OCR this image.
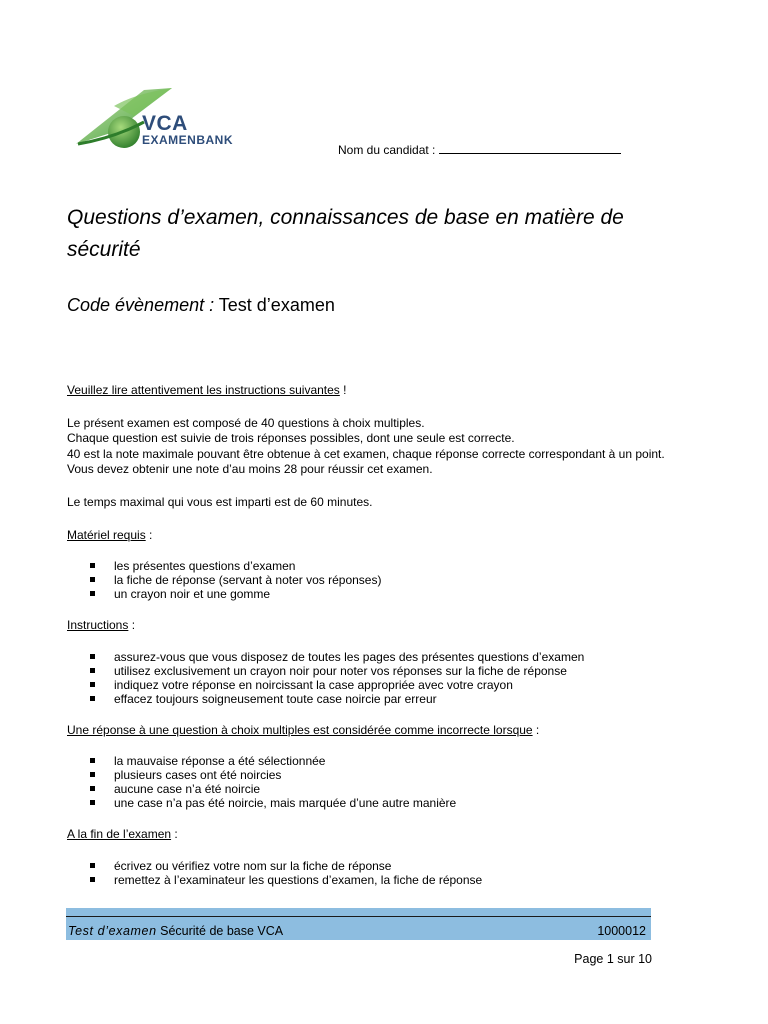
VCA
EXAMENBANK
Nom du candidat :
Questions d’examen, connaissances de base en matière de sécurité
Code évènement : Test d’examen
Veuillez lire attentivement les instructions suivantes !
Le présent examen est composé de 40 questions à choix multiples.
Chaque question est suivie de trois réponses possibles, dont une seule est correcte.
40 est la note maximale pouvant être obtenue à cet examen, chaque réponse correcte correspondant à un point.
Vous devez obtenir une note d’au moins 28 pour réussir cet examen.
Le temps maximal qui vous est imparti est de 60 minutes.
Matériel requis :
les présentes questions d’examen
la fiche de réponse (servant à noter vos réponses)
un crayon noir et une gomme
Instructions :
assurez-vous que vous disposez de toutes les pages des présentes questions d’examen
utilisez exclusivement un crayon noir pour noter vos réponses sur la fiche de réponse
indiquez votre réponse en noircissant la case appropriée avec votre crayon
effacez toujours soigneusement toute case noircie par erreur
Une réponse à une question à choix multiples est considérée comme incorrecte lorsque :
la mauvaise réponse a été sélectionnée
plusieurs cases ont été noircies
aucune case n’a été noircie
une case n’a pas été noircie, mais marquée d’une autre manière
A la fin de l’examen :
écrivez ou vérifiez votre nom sur la fiche de réponse
remettez à l’examinateur les questions d’examen, la fiche de réponse
Test d’examen Sécurité de base VCA	1000012
Page 1 sur 10
